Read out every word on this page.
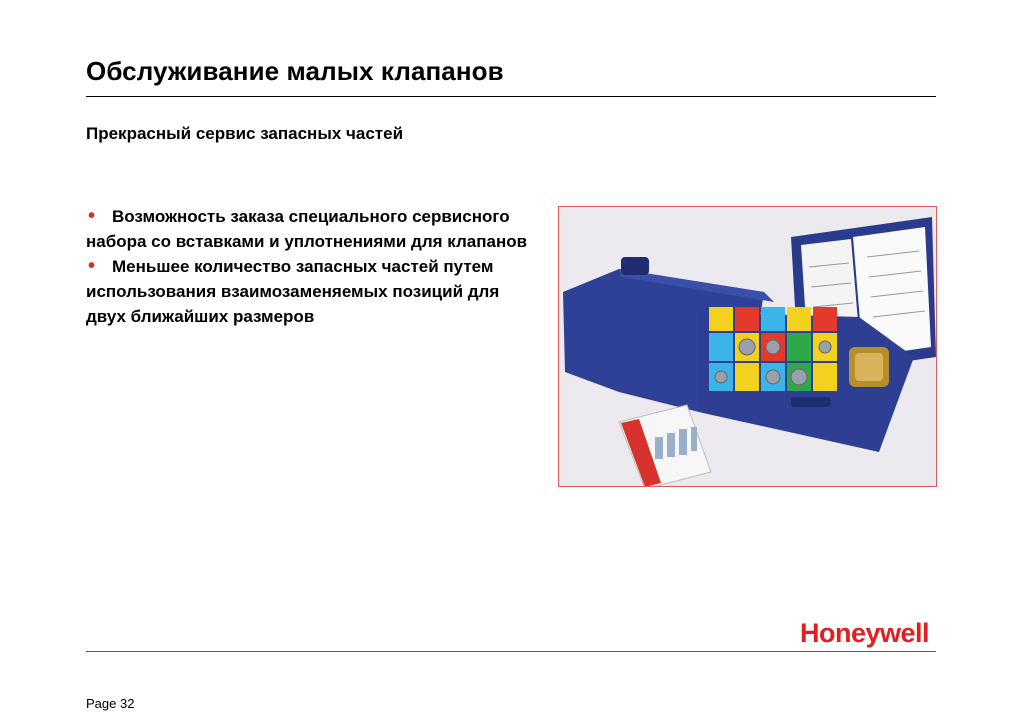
Обслуживание малых клапанов
Прекрасный сервис запасных частей
• Возможность заказа специального сервисного набора со вставками и уплотнениями для клапанов
• Меньшее количество запасных частей путем использования взаимозаменяемых позиций для двух ближайших размеров
Honeywell
Page 32
